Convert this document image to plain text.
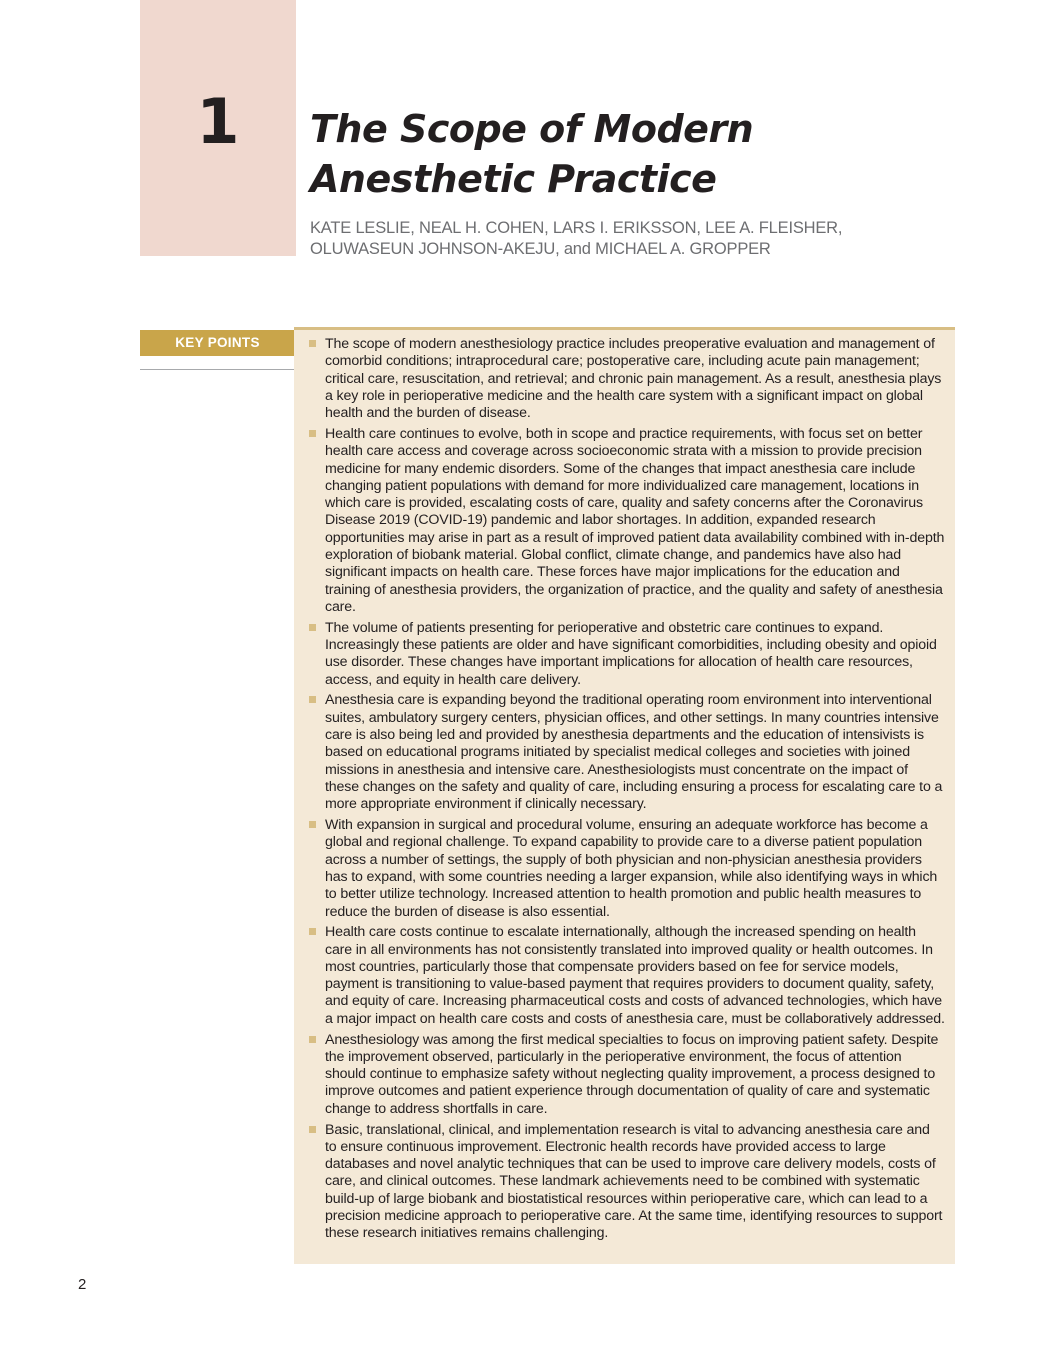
1	The Scope of Modern
Anesthetic Practice
KATE LESLIE, NEAL H. COHEN, LARS I. ERIKSSON, LEE A. FLEISHER,
OLUWASEUN JOHNSON-AKEJU, and MICHAEL A. GROPPER
KEY POINTS	The scope of modern anesthesiology practice includes preoperative evaluation and management of comorbid conditions; intraprocedural care; postoperative care, including acute pain management; critical care, resuscitation, and retrieval; and chronic pain management. As a result, anesthesia plays a key role in perioperative medicine and the health care system with a significant impact on global health and the burden of disease.
Health care continues to evolve, both in scope and practice requirements, with focus set on better health care access and coverage across socioeconomic strata with a mission to provide precision medicine for many endemic disorders. Some of the changes that impact anesthesia care include changing patient populations with demand for more individualized care management, locations in which care is provided, escalating costs of care, quality and safety concerns after the Coronavirus Disease 2019 (COVID-19) pandemic and labor shortages. In addition, expanded research opportunities may arise in part as a result of improved patient data availability combined with in-depth exploration of biobank material. Global conflict, climate change, and pandemics have also had significant impacts on health care. These forces have major implications for the education and training of anesthesia providers, the organization of practice, and the quality and safety of anesthesia care.
The volume of patients presenting for perioperative and obstetric care continues to expand. Increasingly these patients are older and have significant comorbidities, including obesity and opioid use disorder. These changes have important implications for allocation of health care resources, access, and equity in health care delivery.
Anesthesia care is expanding beyond the traditional operating room environment into interventional suites, ambulatory surgery centers, physician offices, and other settings. In many countries intensive care is also being led and provided by anesthesia departments and the education of intensivists is based on educational programs initiated by specialist medical colleges and societies with joined missions in anesthesia and intensive care. Anesthesiologists must concentrate on the impact of these changes on the safety and quality of care, including ensuring a process for escalating care to a more appropriate environment if clinically necessary.
With expansion in surgical and procedural volume, ensuring an adequate workforce has become a global and regional challenge. To expand capability to provide care to a diverse patient population across a number of settings, the supply of both physician and non-physician anesthesia providers has to expand, with some countries needing a larger expansion, while also identifying ways in which to better utilize technology. Increased attention to health promotion and public health measures to reduce the burden of disease is also essential.
Health care costs continue to escalate internationally, although the increased spending on health care in all environments has not consistently translated into improved quality or health outcomes. In most countries, particularly those that compensate providers based on fee for service models, payment is transitioning to value-based payment that requires providers to document quality, safety, and equity of care. Increasing pharmaceutical costs and costs of advanced technologies, which have a major impact on health care costs and costs of anesthesia care, must be collaboratively addressed.
Anesthesiology was among the first medical specialties to focus on improving patient safety. Despite the improvement observed, particularly in the perioperative environment, the focus of attention should continue to emphasize safety without neglecting quality improvement, a process designed to improve outcomes and patient experience through documentation of quality of care and systematic change to address shortfalls in care.
Basic, translational, clinical, and implementation research is vital to advancing anesthesia care and to ensure continuous improvement. Electronic health records have provided access to large databases and novel analytic techniques that can be used to improve care delivery models, costs of care, and clinical outcomes. These landmark achievements need to be combined with systematic build-up of large biobank and biostatistical resources within perioperative care, which can lead to a precision medicine approach to perioperative care. At the same time, identifying resources to support these research initiatives remains challenging.
2
